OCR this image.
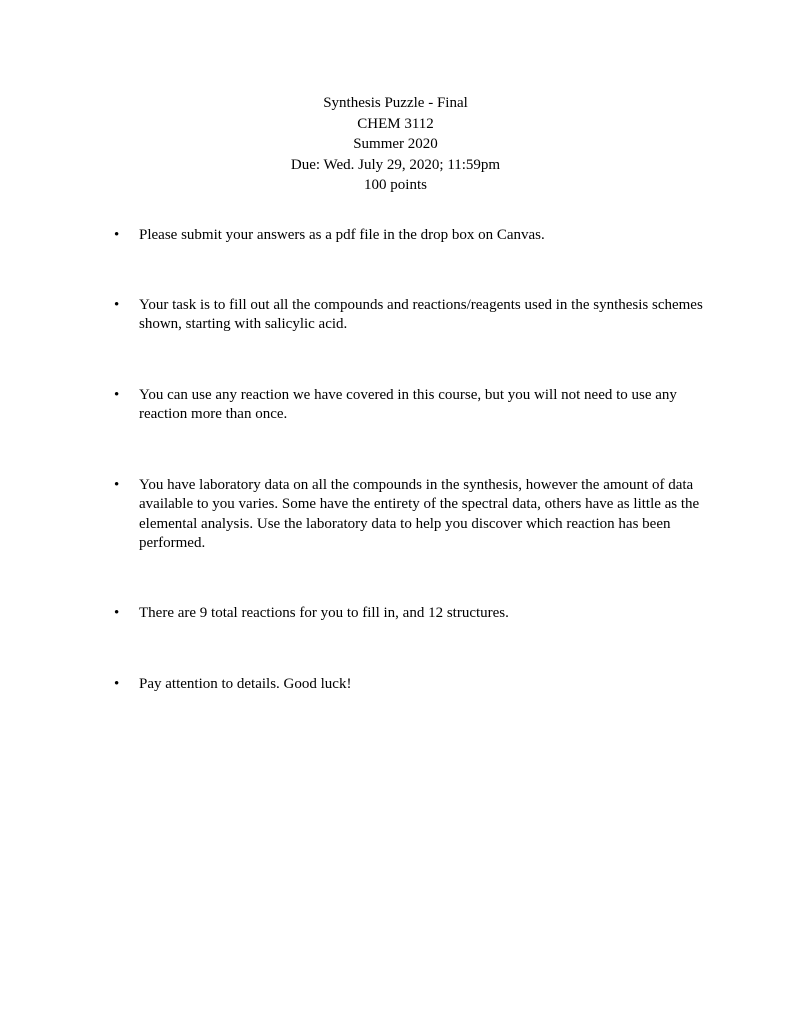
Synthesis Puzzle - Final
CHEM 3112
Summer 2020
Due: Wed. July 29, 2020; 11:59pm
100 points
• Please submit your answers as a pdf file in the drop box on Canvas.
• Your task is to fill out all the compounds and reactions/reagents used in the synthesis schemes shown, starting with salicylic acid.
• You can use any reaction we have covered in this course, but you will not need to use any reaction more than once.
• You have laboratory data on all the compounds in the synthesis, however the amount of data available to you varies. Some have the entirety of the spectral data, others have as little as the elemental analysis. Use the laboratory data to help you discover which reaction has been performed.
• There are 9 total reactions for you to fill in, and 12 structures.
• Pay attention to details. Good luck!
